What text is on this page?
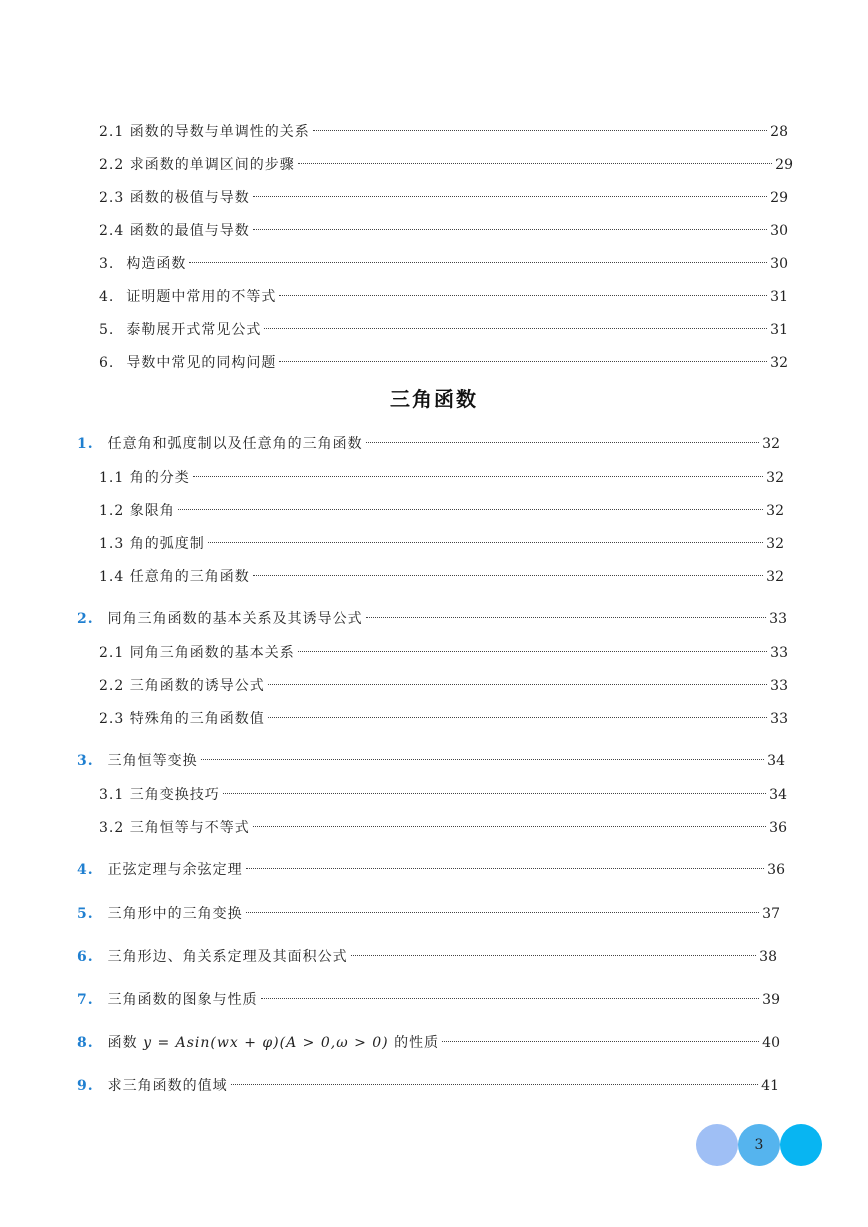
2.1 函数的导数与单调性的关系	28
2.2 求函数的单调区间的步骤	29
2.3 函数的极值与导数	29
2.4 函数的最值与导数	30
3. 构造函数	30
4. 证明题中常用的不等式	31
5. 泰勒展开式常见公式	31
6. 导数中常见的同构问题	32
三角函数
1. 任意角和弧度制以及任意角的三角函数	32
1.1 角的分类	32
1.2 象限角	32
1.3 角的弧度制	32
1.4 任意角的三角函数	32
2. 同角三角函数的基本关系及其诱导公式	33
2.1 同角三角函数的基本关系	33
2.2 三角函数的诱导公式	33
2.3 特殊角的三角函数值	33
3. 三角恒等变换	34
3.1 三角变换技巧	34
3.2 三角恒等与不等式	36
4. 正弦定理与余弦定理	36
5. 三角形中的三角变换	37
6. 三角形边、角关系定理及其面积公式	38
7. 三角函数的图象与性质	39
8. 函数 y = Asin(wx + φ)(A > 0,ω > 0) 的性质	40
9. 求三角函数的值域	41
3
